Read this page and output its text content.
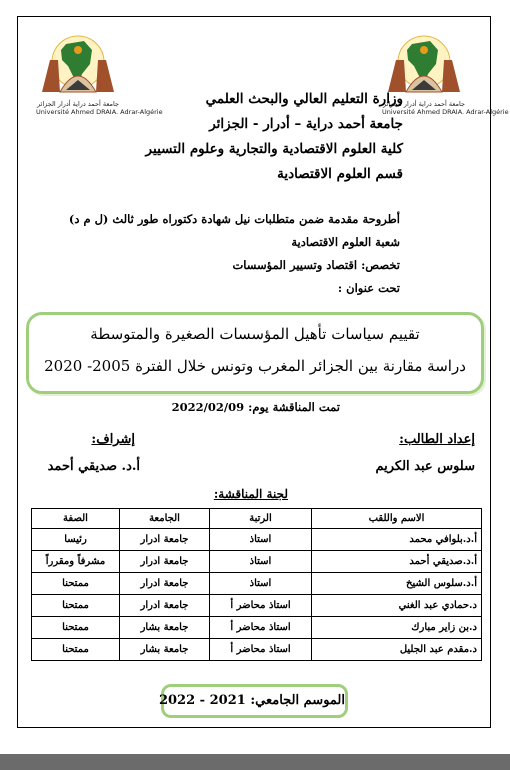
جامعة أحمد دراية أدرار الجزائر
Université Ahmed DRAIA. Adrar-Algérie
جامعة أحمد دراية أدرار الجزائر
Université Ahmed DRAIA. Adrar-Algérie
وزارة التعليم العالي والبحث العلمي
جامعة أحمد دراية – أدرار - الجزائر
كلية العلوم الاقتصادية والتجارية وعلوم التسيير
قسم العلوم الاقتصادية
أطروحة مقدمة ضمن متطلبات نيل شهادة دكتوراه طور ثالث (ل م د)
شعبة العلوم الاقتصادية
تخصص: اقتصاد وتسيير المؤسسات
تحت عنوان :
تقييم سياسات تأهيل المؤسسات الصغيرة والمتوسطة
دراسة مقارنة بين الجزائر المغرب وتونس خلال الفترة 2005- 2020
تمت المناقشة يوم: 2022/02/09
إعداد الطالب:
سلوس عبد الكريم
إشراف:
أ.د. صديقي أحمد
لجنة المناقشة:
الاسم واللقب	الرتبة	الجامعة	الصفة
أ.د.بلوافي محمد	استاذ	جامعة ادرار	رئيسا
أ.د.صديقي أحمد	استاذ	جامعة ادرار	مشرفاً ومقرراً
أ.د.سلوس الشيخ	استاذ	جامعة ادرار	ممتحنا
د.حمادي عبد الغني	استاذ محاضر أ	جامعة ادرار	ممتحنا
د.بن زاير مبارك	استاذ محاضر أ	جامعة بشار	ممتحنا
د.مقدم عبد الجليل	استاذ محاضر أ	جامعة بشار	ممتحنا
الموسم الجامعي: 2021 - 2022
